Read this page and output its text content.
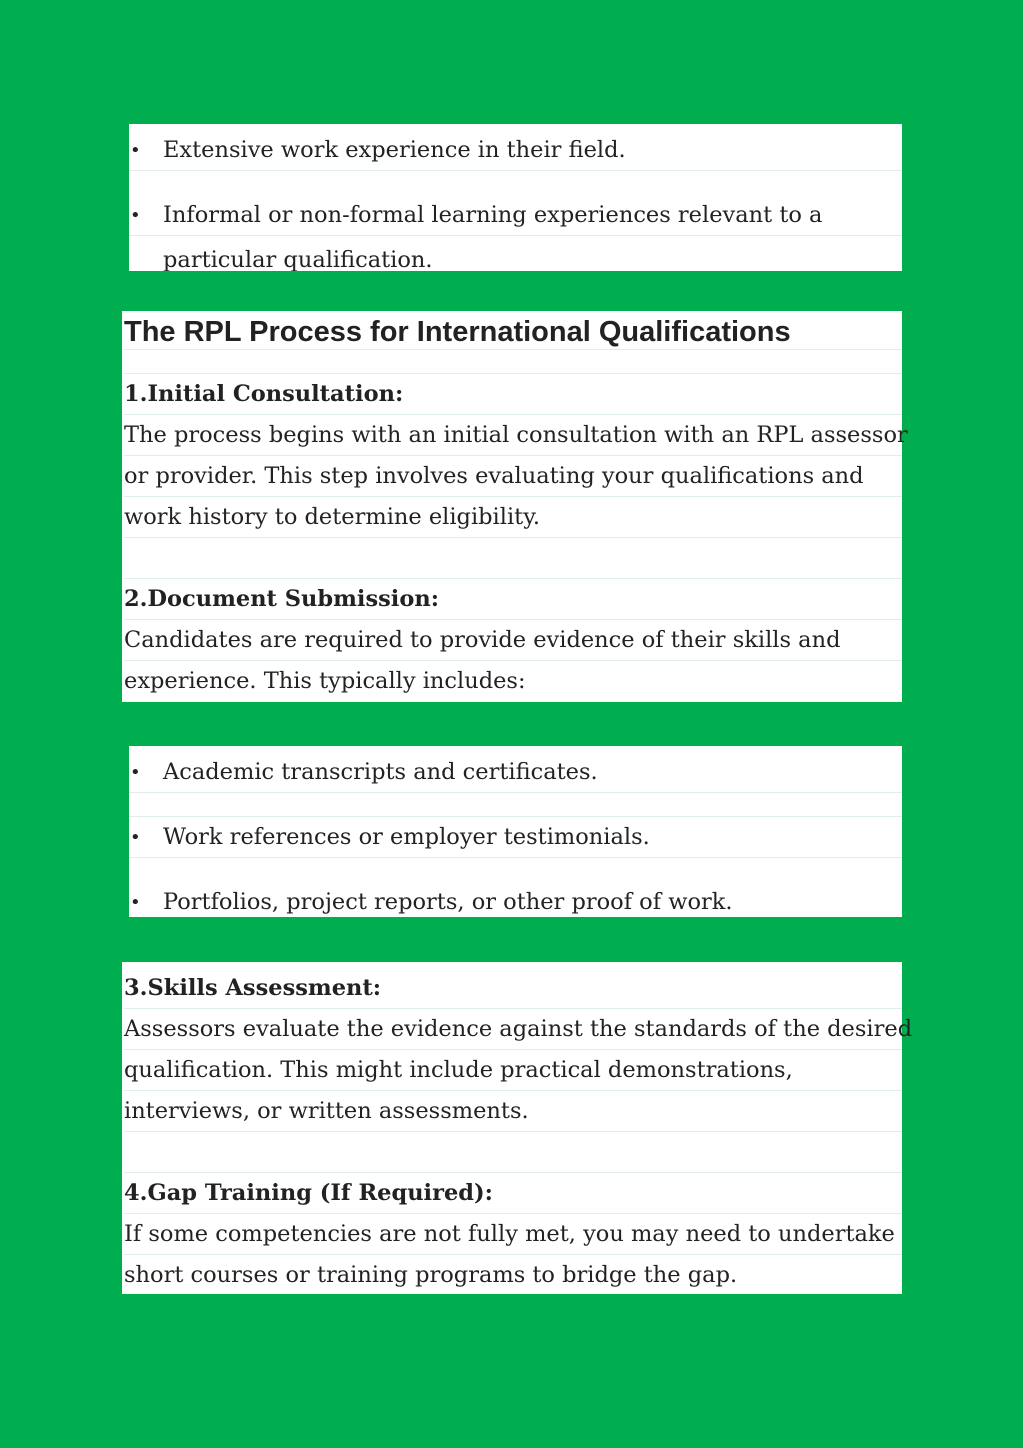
• Extensive work experience in their field.
• Informal or non-formal learning experiences relevant to a
particular qualification.
The RPL Process for International Qualifications
1.Initial Consultation:
The process begins with an initial consultation with an RPL assessor
or provider. This step involves evaluating your qualifications and
work history to determine eligibility.
2.Document Submission:
Candidates are required to provide evidence of their skills and
experience. This typically includes:
• Academic transcripts and certificates.
• Work references or employer testimonials.
• Portfolios, project reports, or other proof of work.
3.Skills Assessment:
Assessors evaluate the evidence against the standards of the desired
qualification. This might include practical demonstrations,
interviews, or written assessments.
4.Gap Training (If Required):
If some competencies are not fully met, you may need to undertake
short courses or training programs to bridge the gap.
